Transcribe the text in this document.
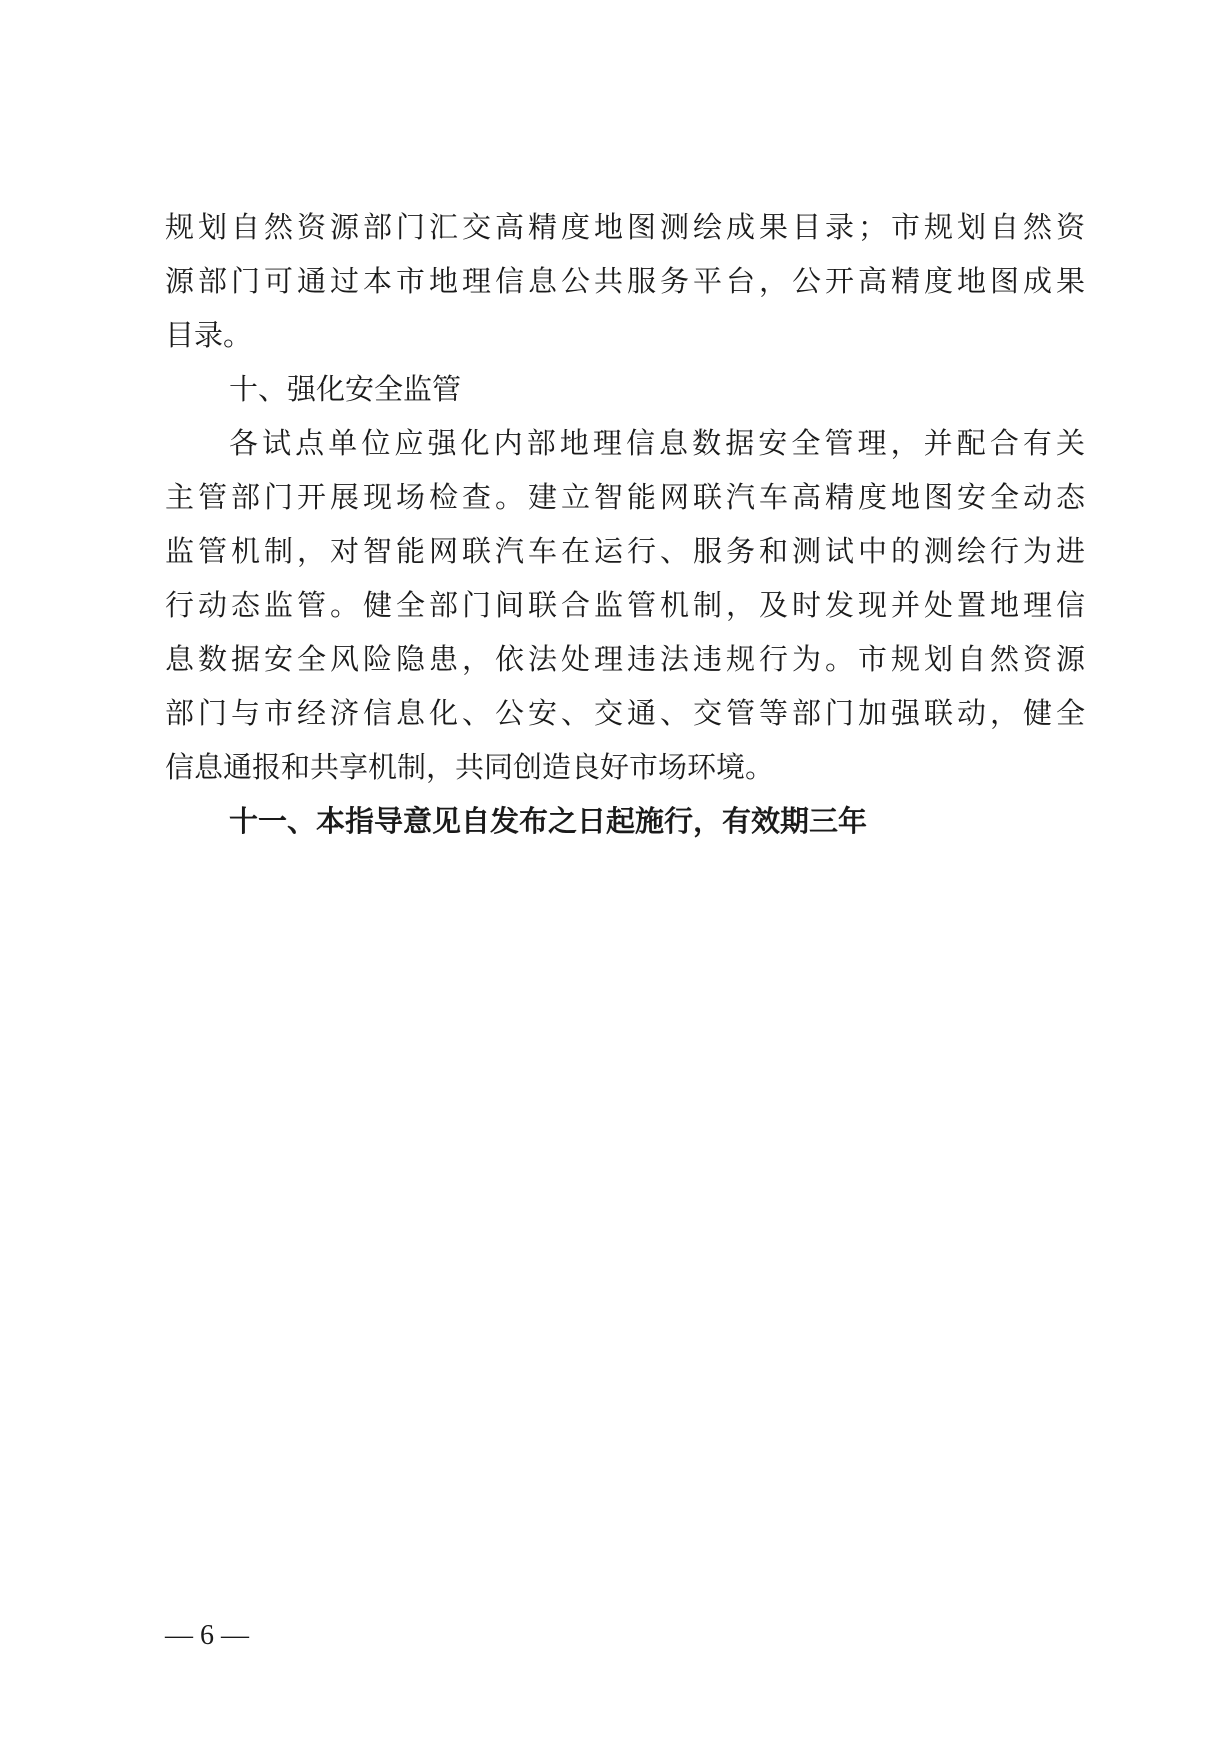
规划自然资源部门汇交高精度地图测绘成果目录；市规划自然资
源部门可通过本市地理信息公共服务平台，公开高精度地图成果
目录。
十、强化安全监管
各试点单位应强化内部地理信息数据安全管理，并配合有关
主管部门开展现场检查。建立智能网联汽车高精度地图安全动态
监管机制，对智能网联汽车在运行、服务和测试中的测绘行为进
行动态监管。健全部门间联合监管机制，及时发现并处置地理信
息数据安全风险隐患，依法处理违法违规行为。市规划自然资源
部门与市经济信息化、公安、交通、交管等部门加强联动，健全
信息通报和共享机制，共同创造良好市场环境。
十一、本指导意见自发布之日起施行，有效期三年
— 6 —
